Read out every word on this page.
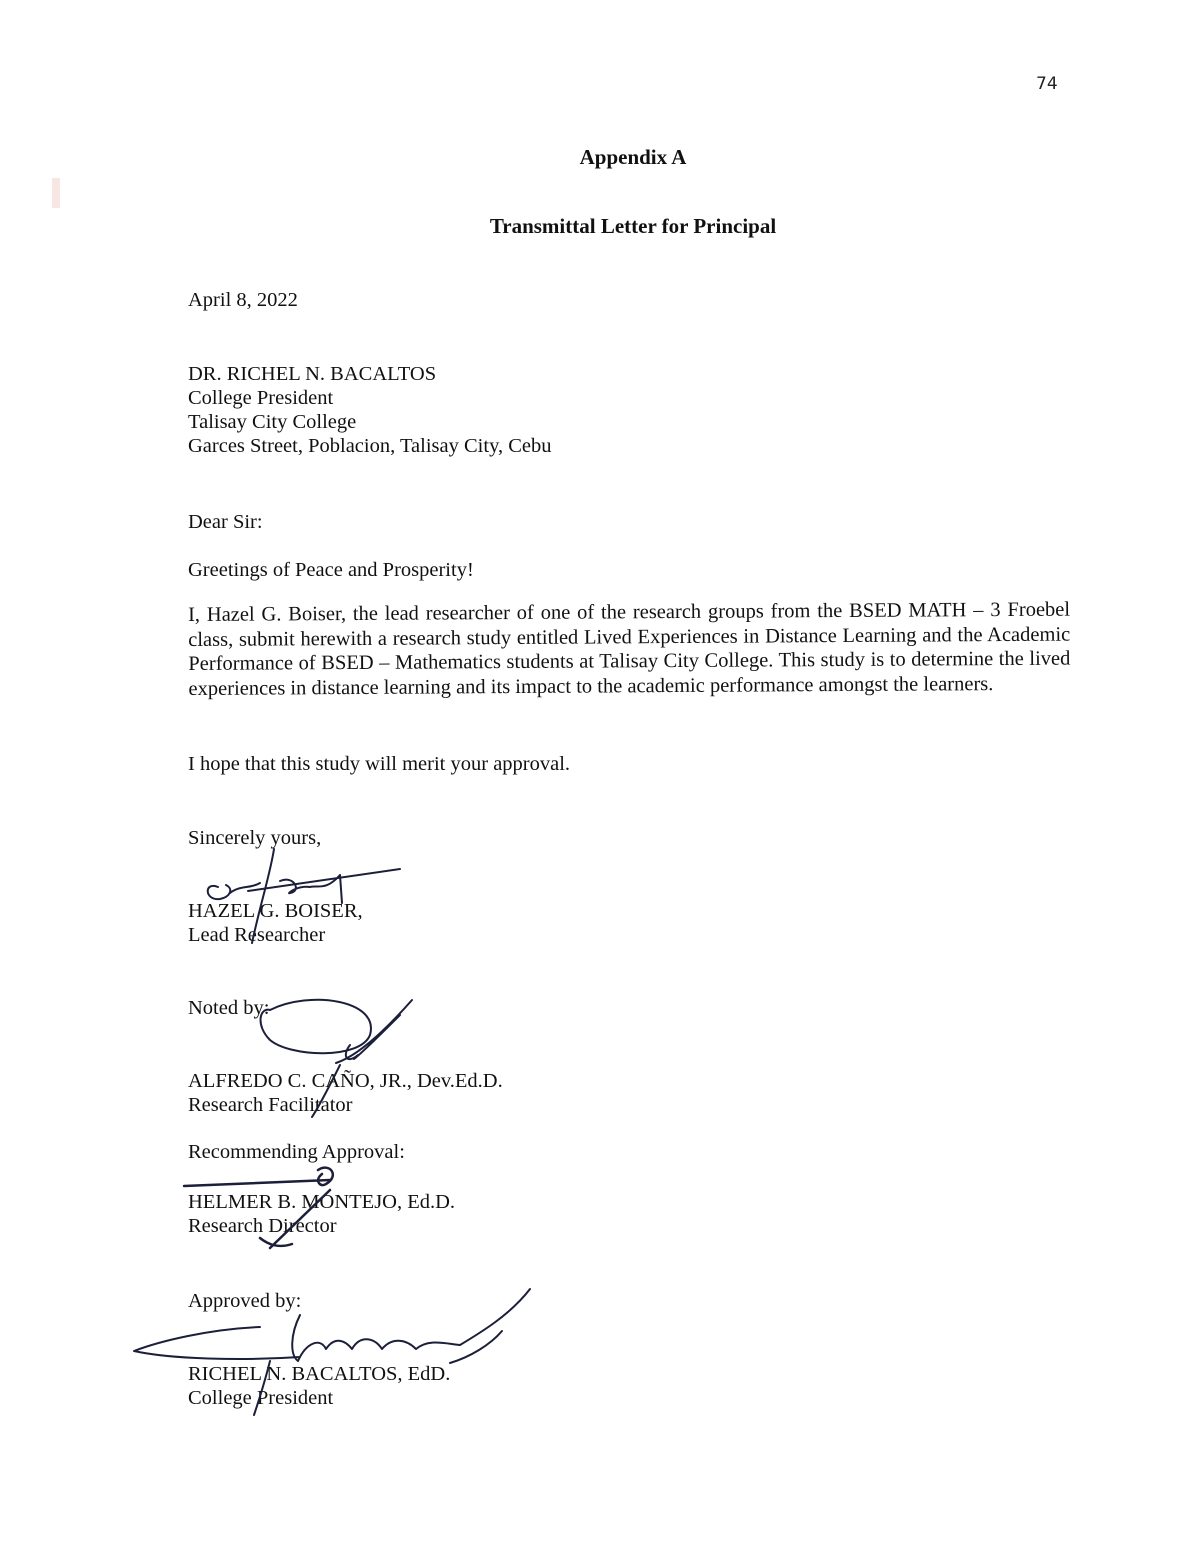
74
Appendix A
Transmittal Letter for Principal
April 8, 2022
DR. RICHEL N. BACALTOS
College President
Talisay City College
Garces Street, Poblacion, Talisay City, Cebu
Dear Sir:
Greetings of Peace and Prosperity!
I, Hazel G. Boiser, the lead researcher of one of the research groups from the BSED MATH – 3 Froebel class, submit herewith a research study entitled Lived Experiences in Distance Learning and the Academic Performance of BSED – Mathematics students at Talisay City College. This study is to determine the lived experiences in distance learning and its impact to the academic performance amongst the learners.
I hope that this study will merit your approval.
Sincerely yours,
HAZEL G. BOISER,
Lead Researcher
Noted by:
ALFREDO C. CAÑO, JR., Dev.Ed.D.
Research Facilitator
Recommending Approval:
HELMER B. MONTEJO, Ed.D.
Research Director
Approved by:
RICHEL N. BACALTOS, EdD.
College President
